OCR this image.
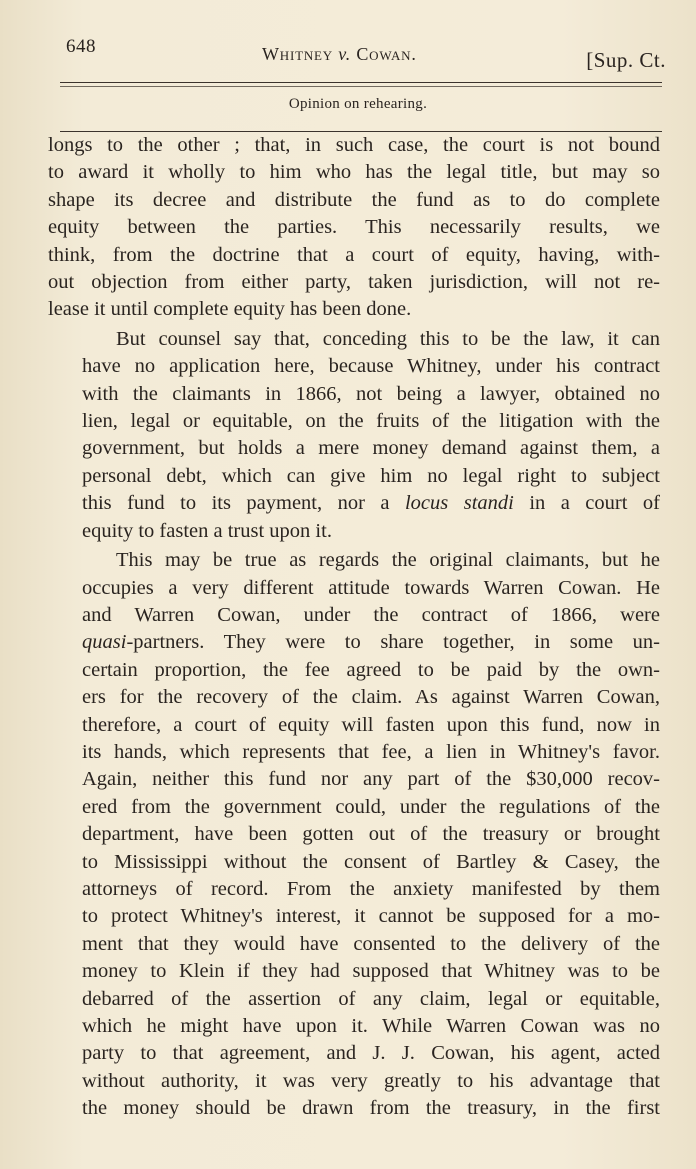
648	Whitney v. Cowan.	[Sup. Ct.
Opinion on rehearing.

longs to the other ; that, in such case, the court is not bound
to award it wholly to him who has the legal title, but may so
shape its decree and distribute the fund as to do complete
equity between the parties. This necessarily results, we
think, from the doctrine that a court of equity, having, with-
out objection from either party, taken jurisdiction, will not re-
lease it until complete equity has been done.

But counsel say that, conceding this to be the law, it can
have no application here, because Whitney, under his contract
with the claimants in 1866, not being a lawyer, obtained no
lien, legal or equitable, on the fruits of the litigation with the
government, but holds a mere money demand against them, a
personal debt, which can give him no legal right to subject
this fund to its payment, nor a locus standi in a court of
equity to fasten a trust upon it.

This may be true as regards the original claimants, but he
occupies a very different attitude towards Warren Cowan. He
and Warren Cowan, under the contract of 1866, were
quasi-partners. They were to share together, in some un-
certain proportion, the fee agreed to be paid by the own-
ers for the recovery of the claim. As against Warren Cowan,
therefore, a court of equity will fasten upon this fund, now in
its hands, which represents that fee, a lien in Whitney's favor.
Again, neither this fund nor any part of the $30,000 recov-
ered from the government could, under the regulations of the
department, have been gotten out of the treasury or brought
to Mississippi without the consent of Bartley & Casey, the
attorneys of record. From the anxiety manifested by them
to protect Whitney's interest, it cannot be supposed for a mo-
ment that they would have consented to the delivery of the
money to Klein if they had supposed that Whitney was to be
debarred of the assertion of any claim, legal or equitable,
which he might have upon it. While Warren Cowan was no
party to that agreement, and J. J. Cowan, his agent, acted
without authority, it was very greatly to his advantage that
the money should be drawn from the treasury, in the first
